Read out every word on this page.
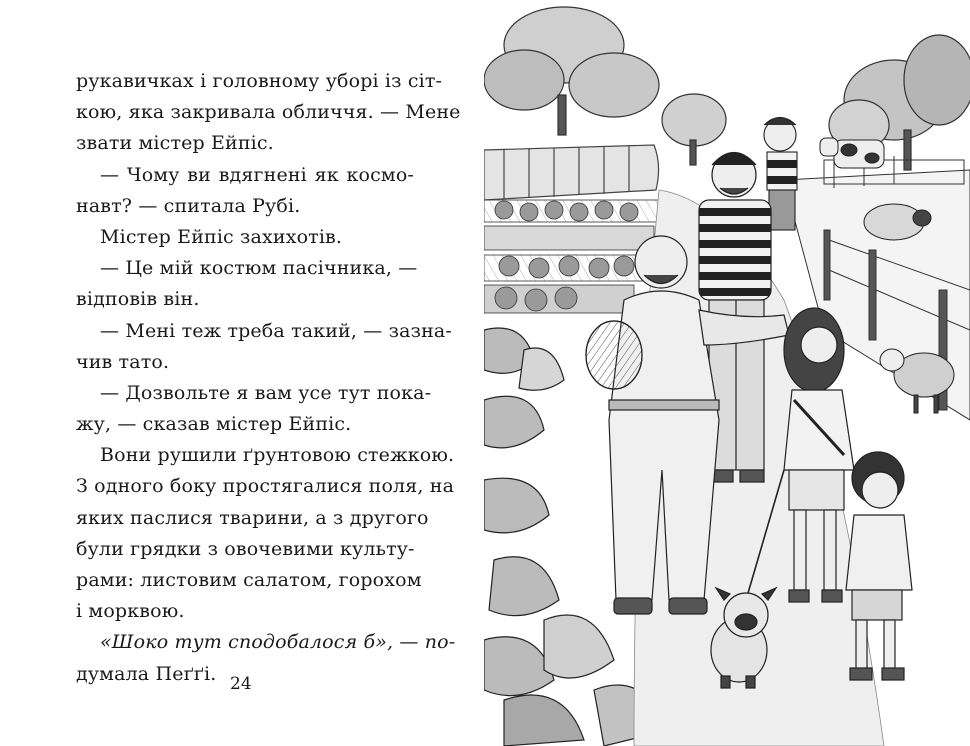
рукавичках і головному уборі із сіт-
кою, яка закривала обличчя. — Мене
звати містер Ейпіс.
— Чому ви вдягнені як космо-
навт? — спитала Рубі.
Містер Ейпіс захихотів.
— Це мій костюм пасічника, —
відповів він.
— Мені теж треба такий, — зазна-
чив тато.
— Дозвольте я вам усе тут пока-
жу, — сказав містер Ейпіс.
Вони рушили ґрунтовою стежкою.
З одного боку простягалися поля, на
яких паслися тварини, а з другого
були грядки з овочевими культу-
рами: листовим салатом, горохом
і морквою.
«Шоко тут сподобалося б», — по-
думала Пеґґі. 24
